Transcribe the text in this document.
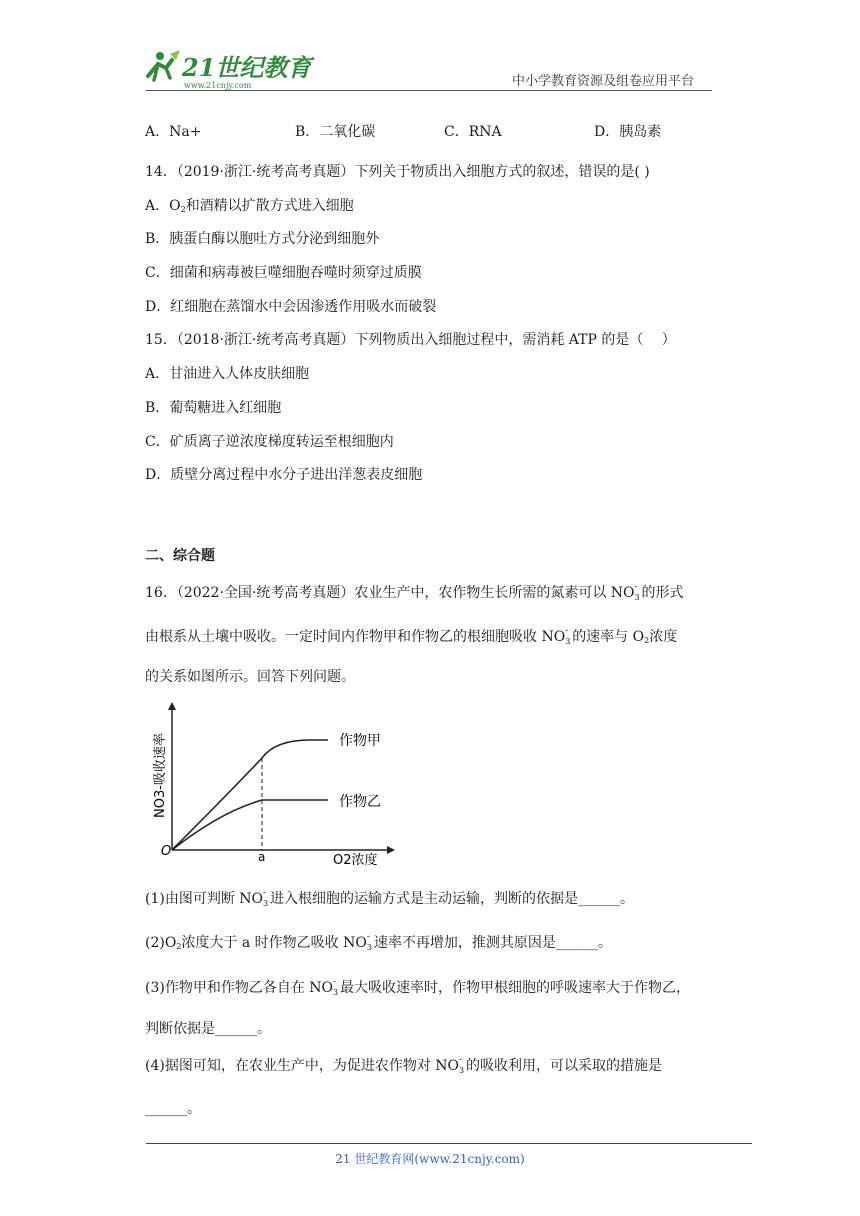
21世纪教育
www.21cnjy.com	中小学教育资源及组卷应用平台
A．Na+	B．二氧化碳	C．RNA	D．胰岛素
14．（2019·浙江·统考高考真题）下列关于物质出入细胞方式的叙述，错误的是( )
A．$O_2$和酒精以扩散方式进入细胞
B．胰蛋白酶以胞吐方式分泌到细胞外
C．细菌和病毒被巨噬细胞吞噬时须穿过质膜
D．红细胞在蒸馏水中会因渗透作用吸水而破裂
15．（2018·浙江·统考高考真题）下列物质出入细胞过程中，需消耗 ATP 的是（　 ）
A．甘油进入人体皮肤细胞
B．葡萄糖进入红细胞
C．矿质离子逆浓度梯度转运至根细胞内
D．质壁分离过程中水分子进出洋葱表皮细胞
二、综合题
16．（2022·全国·统考高考真题）农业生产中，农作物生长所需的氮素可以 NO -
3 的形式
由根系从土壤中吸收。一定时间内作物甲和作物乙的根细胞吸收 NO -
3 的速率与 $O_2$浓度
的关系如图所示。回答下列问题。
O	a	O2浓度
NO3-吸收速率	作物甲
作物乙
(1)由图可判断 NO -
3 进入根细胞的运输方式是主动运输，判断的依据是______。
$(2)O_2$浓度大于 a 时作物乙吸收 NO -
3 速率不再增加，推测其原因是______。
(3)作物甲和作物乙各自在 NO -
3 最大吸收速率时，作物甲根细胞的呼吸速率大于作物乙，
判断依据是______。
(4)据图可知，在农业生产中，为促进农作物对 NO -
3 的吸收利用，可以采取的措施是
______。
21 世纪教育网(www.21cnjy.com)
